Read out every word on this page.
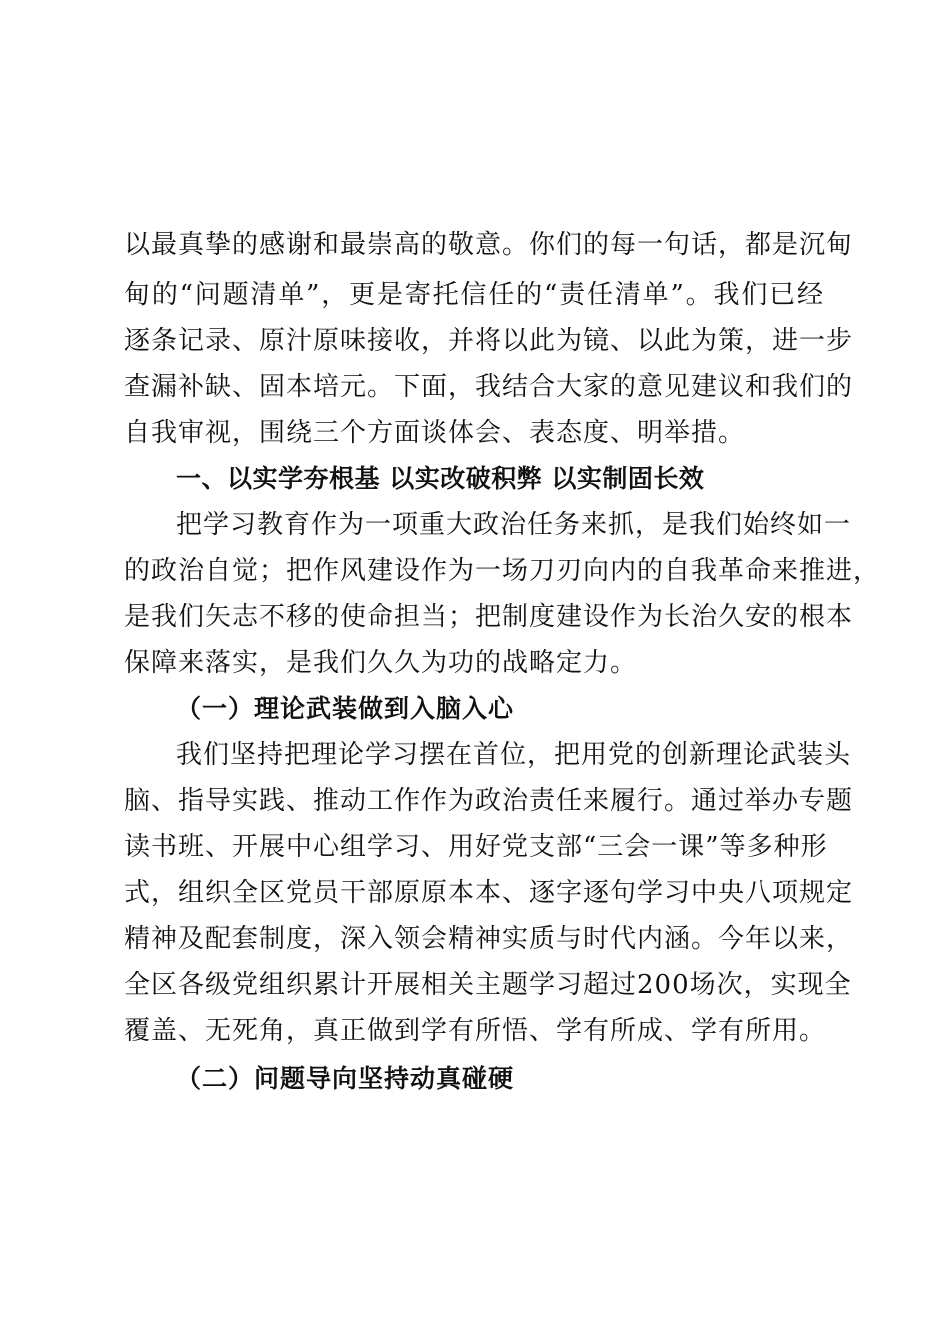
以最真挚的感谢和最崇高的敬意。你们的每一句话，都是沉甸

甸的“问题清单”，更是寄托信任的“责任清单”。我们已经

逐条记录、原汁原味接收，并将以此为镜、以此为策，进一步

查漏补缺、固本培元。下面，我结合大家的意见建议和我们的

自我审视，围绕三个方面谈体会、表态度、明举措。

一、以实学夯根基 以实改破积弊 以实制固长效

把学习教育作为一项重大政治任务来抓，是我们始终如一

的政治自觉；把作风建设作为一场刀刃向内的自我革命来推进，

是我们矢志不移的使命担当；把制度建设作为长治久安的根本

保障来落实，是我们久久为功的战略定力。

（一）理论武装做到入脑入心

我们坚持把理论学习摆在首位，把用党的创新理论武装头

脑、指导实践、推动工作作为政治责任来履行。通过举办专题

读书班、开展中心组学习、用好党支部“三会一课”等多种形

式，组织全区党员干部原原本本、逐字逐句学习中央八项规定

精神及配套制度，深入领会精神实质与时代内涵。今年以来，

全区各级党组织累计开展相关主题学习超过200场次，实现全

覆盖、无死角，真正做到学有所悟、学有所成、学有所用。

（二）问题导向坚持动真碰硬
